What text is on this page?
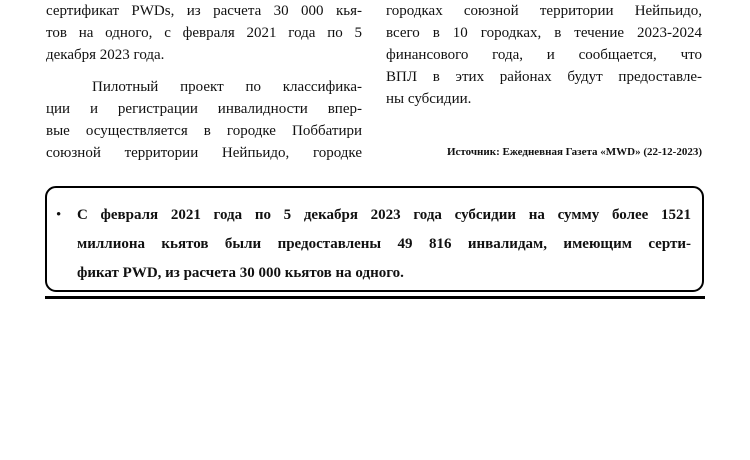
сертификат PWDs, из расчета 30 000 кья-
тов на одного, с февраля 2021 года по 5
декабря 2023 года.
Пилотный проект по классифика-
ции и регистрации инвалидности впер-
вые осуществляется в городке Поббатири
союзной территории Нейпьидо, городке
городках союзной территории Нейпьидо,
всего в 10 городках, в течение 2023-2024
финансового года, и сообщается, что
ВПЛ в этих районах будут предоставле-
ны субсидии.
Источник: Ежедневная Газета «MWD» (22-12-2023)
• С февраля 2021 года по 5 декабря 2023 года субсидии на сумму более 1521
миллиона кьятов были предоставлены 49 816 инвалидам, имеющим серти-
фикат PWD, из расчета 30 000 кьятов на одного.
